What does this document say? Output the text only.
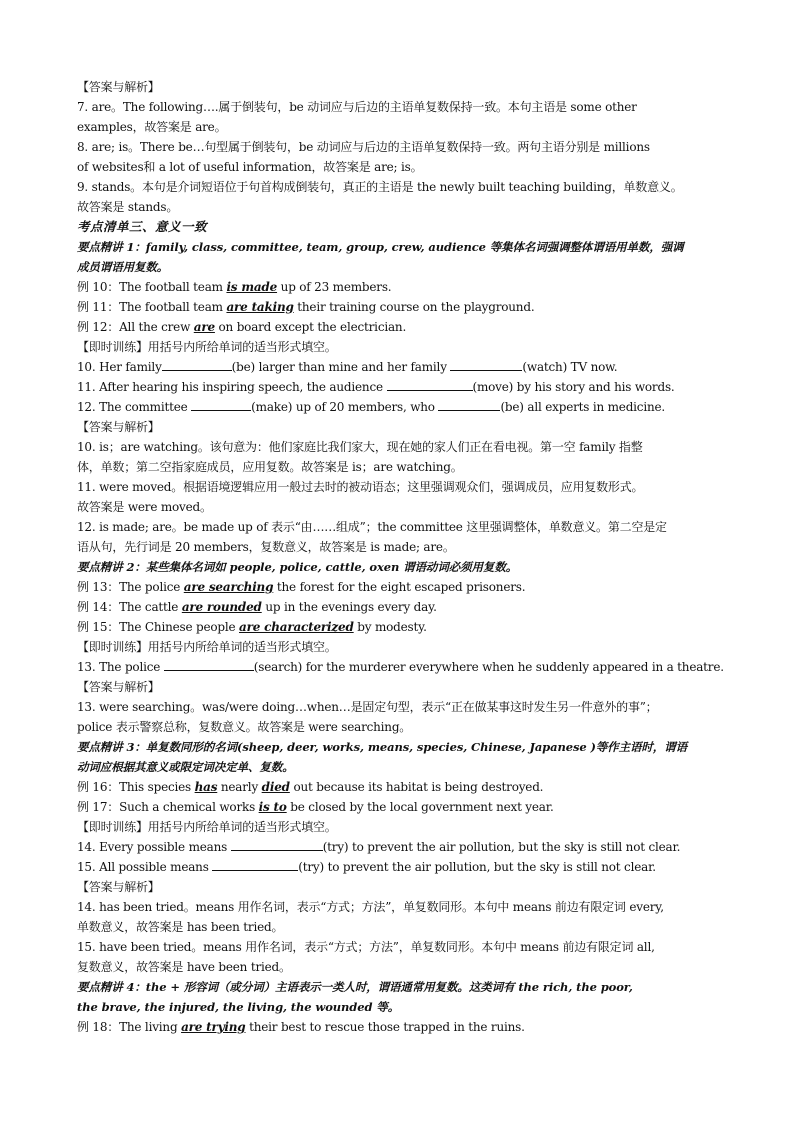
【答案与解析】
7. are。The following….属于倒装句，be 动词应与后边的主语单复数保持一致。本句主语是 some other
examples，故答案是 are。
8. are; is。There be…句型属于倒装句，be 动词应与后边的主语单复数保持一致。两句主语分别是 millions
of websites和 a lot of useful information，故答案是 are; is。
9. stands。本句是介词短语位于句首构成倒装句，真正的主语是 the newly built teaching building，单数意义。
故答案是 stands。
考点清单三、意义一致
要点精讲 1：family, class, committee, team, group, crew, audience 等集体名词强调整体谓语用单数，强调
成员谓语用复数。
例 10：The football team is made up of 23 members.
例 11：The football team are taking their training course on the playground.
例 12：All the crew are on board except the electrician.
【即时训练】用括号内所给单词的适当形式填空。
10. Her family	(be) larger than mine and her family	(watch) TV now.
11. After hearing his inspiring speech, the audience	(move) by his story and his words.
12. The committee	(make) up of 20 members, who	(be) all experts in medicine.
【答案与解析】
10. is；are watching。该句意为：他们家庭比我们家大，现在她的家人们正在看电视。第一空 family 指整
体，单数；第二空指家庭成员，应用复数。故答案是 is；are watching。
11. were moved。根据语境逻辑应用一般过去时的被动语态；这里强调观众们，强调成员，应用复数形式。
故答案是 were moved。
12. is made; are。be made up of 表示“由……组成”；the committee 这里强调整体，单数意义。第二空是定
语从句，先行词是 20 members，复数意义，故答案是 is made; are。
要点精讲 2：某些集体名词如 people, police, cattle, oxen 谓语动词必须用复数。
例 13：The police are searching the forest for the eight escaped prisoners.
例 14：The cattle are rounded up in the evenings every day.
例 15：The Chinese people are characterized by modesty.
【即时训练】用括号内所给单词的适当形式填空。
13. The police	(search) for the murderer everywhere when he suddenly appeared in a theatre.
【答案与解析】
13. were searching。was/were doing…when…是固定句型，表示“正在做某事这时发生另一件意外的事”；
police 表示警察总称，复数意义。故答案是 were searching。
要点精讲 3：单复数同形的名词(sheep, deer, works, means, species, Chinese, Japanese )等作主语时，谓语
动词应根据其意义或限定词决定单、复数。
例 16：This species has nearly died out because its habitat is being destroyed.
例 17：Such a chemical works is to be closed by the local government next year.
【即时训练】用括号内所给单词的适当形式填空。
14. Every possible means	(try) to prevent the air pollution, but the sky is still not clear.
15. All possible means	(try) to prevent the air pollution, but the sky is still not clear.
【答案与解析】
14. has been tried。means 用作名词，表示“方式；方法”，单复数同形。本句中 means 前边有限定词 every,
单数意义，故答案是 has been tried。
15. have been tried。means 用作名词，表示“方式；方法”，单复数同形。本句中 means 前边有限定词 all,
复数意义，故答案是 have been tried。
要点精讲 4：the + 形容词（或分词）主语表示一类人时，谓语通常用复数。这类词有 the rich, the poor,
the brave, the injured, the living, the wounded 等。
例 18：The living are trying their best to rescue those trapped in the ruins.
